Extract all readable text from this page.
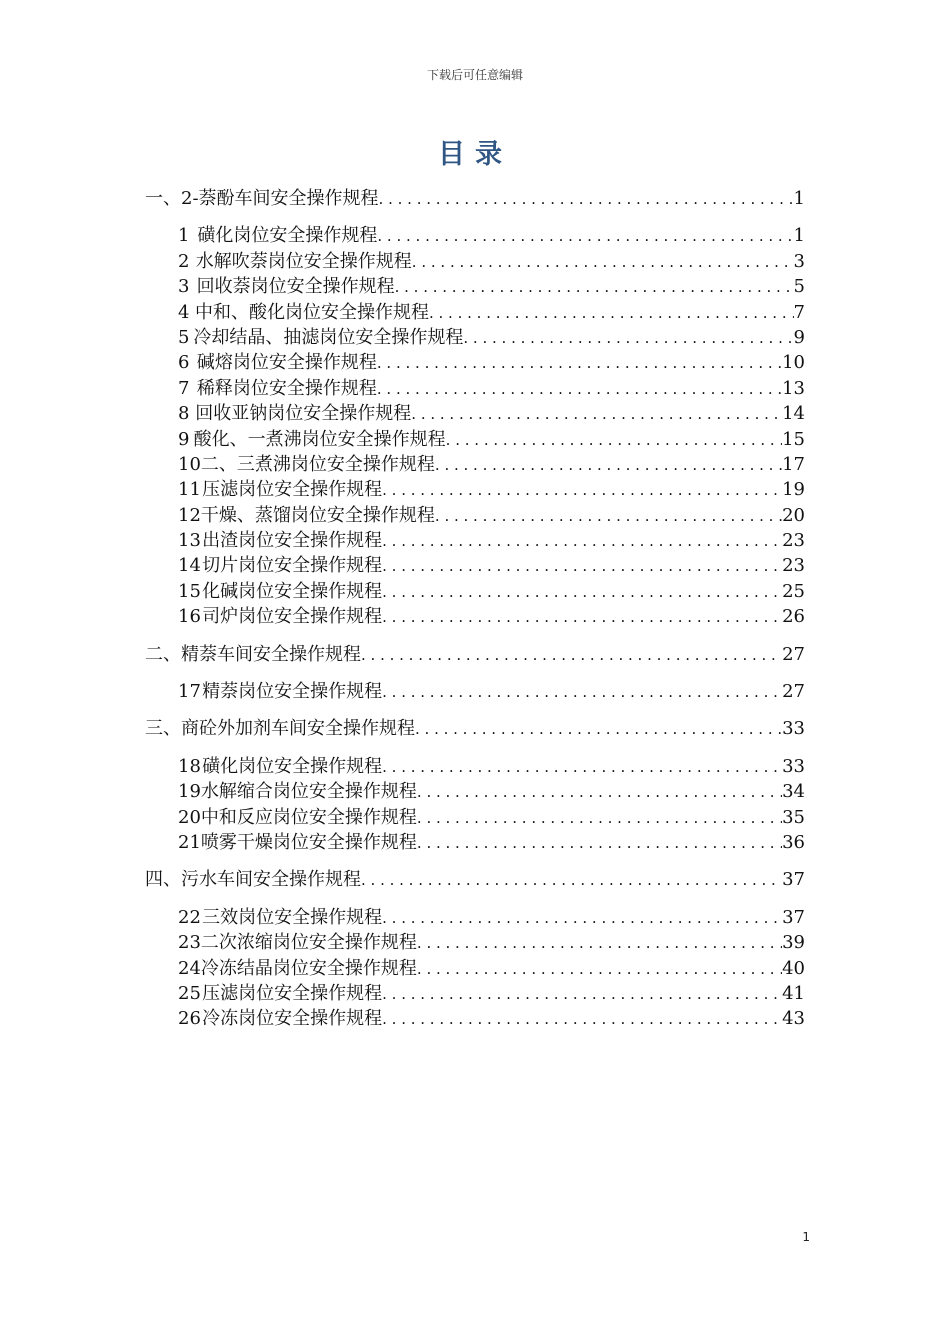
下载后可任意编辑
目录
一、2-萘酚车间安全操作规程 . . .	1
1 磺化岗位安全操作规程 . . .	1
2 水解吹萘岗位安全操作规程 . . .	3
3 回收萘岗位安全操作规程 . . .	5
4 中和、酸化岗位安全操作规程 . . .	7
5 冷却结晶、抽滤岗位安全操作规程 . . .	9
6 碱熔岗位安全操作规程 . . .	10
7 稀释岗位安全操作规程 . . .	13
8 回收亚钠岗位安全操作规程 . . .	14
9 酸化、一煮沸岗位安全操作规程 . . .	15
10 二、三煮沸岗位安全操作规程 . . .	17
11 压滤岗位安全操作规程 . . .	19
12 干燥、蒸馏岗位安全操作规程 . . .	20
13 出渣岗位安全操作规程 . . .	23
14 切片岗位安全操作规程 . . .	23
15 化碱岗位安全操作规程 . . .	25
16 司炉岗位安全操作规程 . . .	26
二、精萘车间安全操作规程 . . .	27
17 精萘岗位安全操作规程 . . .	27
三、商砼外加剂车间安全操作规程 . . .	33
18 磺化岗位安全操作规程 . . .	33
19 水解缩合岗位安全操作规程 . . .	34
20 中和反应岗位安全操作规程 . . .	35
21 喷雾干燥岗位安全操作规程 . . .	36
四、污水车间安全操作规程 . . .	37
22 三效岗位安全操作规程 . . .	37
23 二次浓缩岗位安全操作规程 . . .	39
24 冷冻结晶岗位安全操作规程 . . .	40
25 压滤岗位安全操作规程 . . .	41
26 冷冻岗位安全操作规程 . . .	43
1
